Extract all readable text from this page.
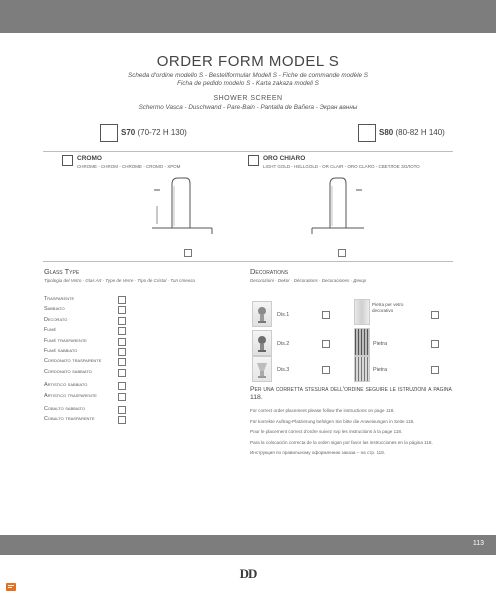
ORDER FORM MODEL S
Scheda d'ordine modello S - Bestellformular Modell S - Fiche de commande modèle S
Ficha de pedido modelo S - Karta zakaza modeli S
SHOWER SCREEN
Schermo Vasca - Duschwand - Pare-Bain - Pantalla de Bañera - Экран ванны
S70 (70-72 H 130)	S80 (80-82 H 140)
CROMO
CHROME - CHROM - CHROME - CROMO - ХРОМ
ORO CHIARO
LIGHT GOLD - HELLGOLD - OR CLAIR - ORO CLARO - СВЕТЛОЕ ЗОЛОТО
Glass Type
Tipologia del Vetro · Glas Art · Type de Verre · Tipo de Cristal · Тип стекла
Trasparente
Sabbiato
Decorato
Fumé
Fumé trasparente
Fumé sabbiato
Cordonato trasparente
Cordonato sabbiato
Artistico sabbiato
Artistico trasparente
Cobalto sabbiato
Cobalto trasparente
Decorations
Decorazioni · Dekor · Décorations · Decoraciones · Декор
Dis.1
Dis.2
Dis.3
Pietra per vetro decorativo
Pietra
Pietra
Per una corretta stesura dell'ordine seguire le istruzioni a pagina 118.
For correct order placement please follow the instructions on page 118.
Für korrekte Auftrag-Platzierung befolgen Sie bitte die Anweisungen in Seite 118.
Pour le placement correct d'ordre suivez svp les instructions à la page 118.
Para la colocación correcta de la orden sigan por favor las instrucciones en la página 118.
Инструкция по правильному оформлению заказа – на стр. 118.
113
DD
